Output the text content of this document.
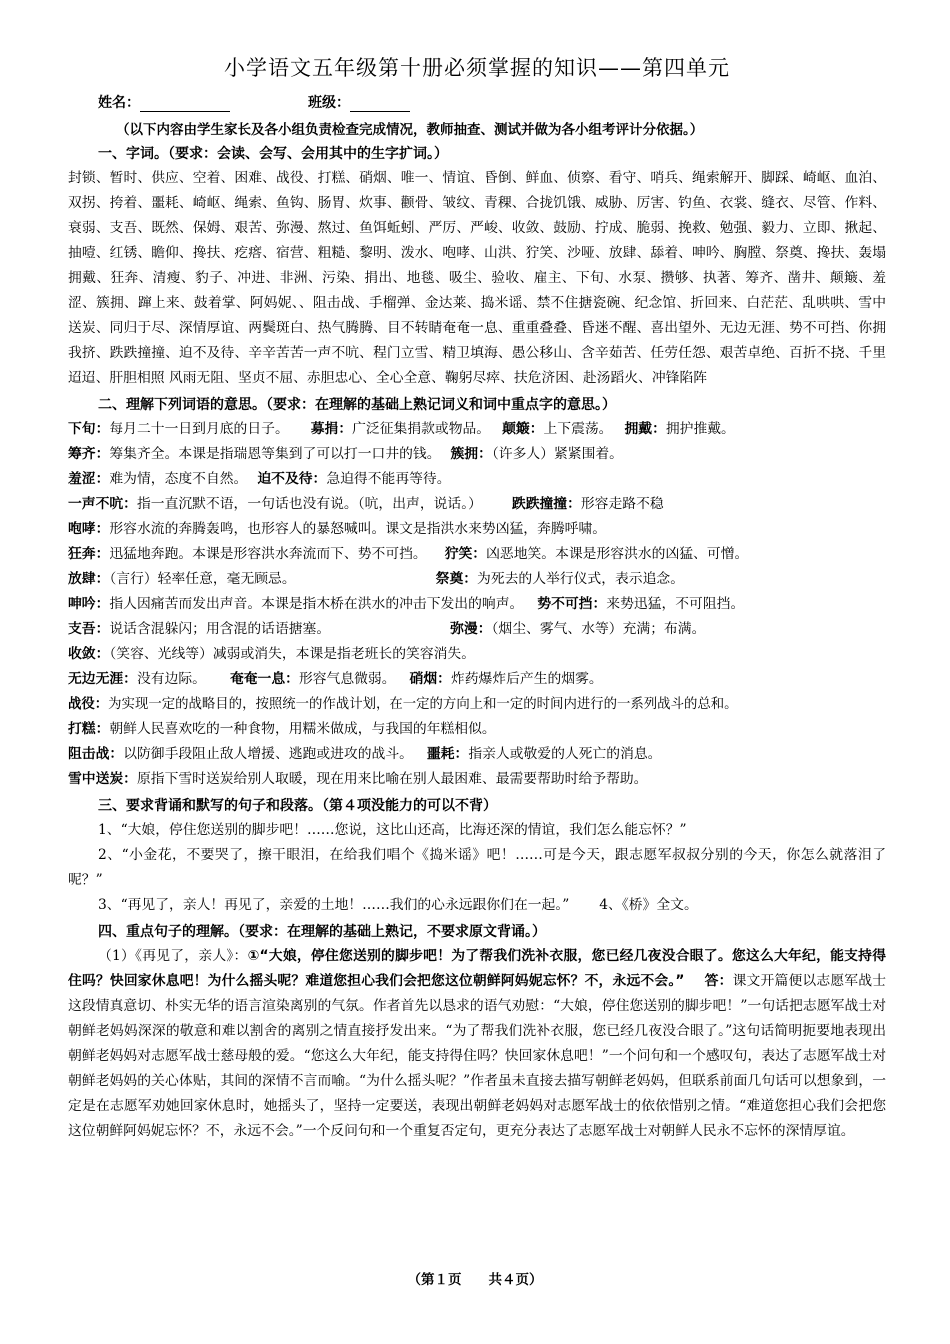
小学语文五年级第十册必须掌握的知识——第四单元
姓名：	班级：
（以下内容由学生家长及各小组负责检查完成情况，教师抽查、测试并做为各小组考评计分依据。）
一、字词。（要求：会读、会写、会用其中的生字扩词。）

封锁、暂时、供应、空着、困难、战役、打糕、硝烟、唯一、情谊、昏倒、鲜血、侦察、看守、哨兵、绳索解开、脚踩、崎岖、血泊、双拐、挎着、噩耗、崎岖、绳索、鱼钩、肠胃、炊事、颧骨、皱纹、青稞、合拢饥饿、威胁、厉害、钓鱼、衣裳、缝衣、尽管、作料、衰弱、支吾、既然、保姆、艰苦、弥漫、熬过、鱼饵蚯蚓、严厉、严峻、收敛、鼓励、拧成、脆弱、挽救、勉强、毅力、立即、揪起、抽噎、红锈、瞻仰、搀扶、疙瘩、宿营、粗糙、黎明、泼水、咆哮、山洪、狞笑、沙哑、放肆、舔着、呻吟、胸膛、祭奠、搀扶、轰塌拥戴、狂奔、清瘦、豹子、冲进、非洲、污染、捐出、地毯、吸尘、验收、雇主、下旬、水泵、攒够、执著、筹齐、凿井、颠簸、羞涩、簇拥、蹿上来、鼓着掌、阿妈妮、、阻击战、手榴弹、金达莱、捣米谣、禁不住搪瓷碗、纪念馆、折回来、白茫茫、乱哄哄、雪中送炭、同归于尽、深情厚谊、两鬓斑白、热气腾腾、目不转睛奄奄一息、重重叠叠、昏迷不醒、喜出望外、无边无涯、势不可挡、你拥我挤、跌跌撞撞、迫不及待、辛辛苦苦一声不吭、程门立雪、精卫填海、愚公移山、含辛茹苦、任劳任怨、艰苦卓绝、百折不挠、千里迢迢、肝胆相照 风雨无阻、坚贞不屈、赤胆忠心、全心全意、鞠躬尽瘁、扶危济困、赴汤蹈火、冲锋陷阵

二、理解下列词语的意思。（要求：在理解的基础上熟记词义和词中重点字的意思。）

下旬：每月二十一日到月底的日子。 募捐：广泛征集捐款或物品。 颠簸：上下震荡。 拥戴：拥护推戴。

筹齐：筹集齐全。本课是指瑞恩等集到了可以打一口井的钱。 簇拥：（许多人）紧紧围着。

羞涩：难为情，态度不自然。 迫不及待：急迫得不能再等待。

一声不吭：指一直沉默不语，一句话也没有说。（吭，出声，说话。） 跌跌撞撞：形容走路不稳

咆哮：形容水流的奔腾轰鸣，也形容人的暴怒喊叫。课文是指洪水来势凶猛，奔腾呼啸。

狂奔：迅猛地奔跑。本课是形容洪水奔流而下、势不可挡。 狞笑：凶恶地笑。本课是形容洪水的凶猛、可憎。

放肆：（言行）轻率任意，毫无顾忌。	祭奠：为死去的人举行仪式，表示追念。

呻吟：指人因痛苦而发出声音。本课是指木桥在洪水的冲击下发出的响声。 势不可挡：来势迅猛，不可阻挡。

支吾：说话含混躲闪；用含混的话语搪塞。	弥漫：（烟尘、雾气、水等）充满；布满。

收敛：（笑容、光线等）减弱或消失，本课是指老班长的笑容消失。

无边无涯：没有边际。 奄奄一息：形容气息微弱。 硝烟：炸药爆炸后产生的烟雾。

战役：为实现一定的战略目的，按照统一的作战计划，在一定的方向上和一定的时间内进行的一系列战斗的总和。

打糕：朝鲜人民喜欢吃的一种食物，用糯米做成，与我国的年糕相似。

阻击战：以防御手段阻止敌人增援、逃跑或进攻的战斗。 噩耗：指亲人或敬爱的人死亡的消息。

雪中送炭：原指下雪时送炭给别人取暖，现在用来比喻在别人最困难、最需要帮助时给予帮助。

三、要求背诵和默写的句子和段落。（第４项没能力的可以不背）

1、“大娘，停住您送别的脚步吧！……您说，这比山还高，比海还深的情谊，我们怎么能忘怀？”

2、“小金花，不要哭了，擦干眼泪，在给我们唱个《捣米谣》吧！……可是今天，跟志愿军叔叔分别的今天，你怎么就落泪了呢？”

3、“再见了，亲人！再见了，亲爱的土地！……我们的心永远跟你们在一起。” 4、《桥》全文。

四、重点句子的理解。（要求：在理解的基础上熟记，不要求原文背诵。）

（1）《再见了，亲人》：①“大娘，停住您送别的脚步吧！为了帮我们洗补衣服，您已经几夜没合眼了。您这么大年纪，能支持得住吗？快回家休息吧！为什么摇头呢？难道您担心我们会把您这位朝鲜阿妈妮忘怀？不，永远不会。” 答：课文开篇便以志愿军战士这段情真意切、朴实无华的语言渲染离别的气氛。作者首先以恳求的语气劝慰：“大娘，停住您送别的脚步吧！”一句话把志愿军战士对朝鲜老妈妈深深的敬意和难以割舍的离别之情直接抒发出来。“为了帮我们洗补衣服，您已经几夜没合眼了。”这句话简明扼要地表现出朝鲜老妈妈对志愿军战士慈母般的爱。“您这么大年纪，能支持得住吗？快回家休息吧！”一个问句和一个感叹句，表达了志愿军战士对朝鲜老妈妈的关心体贴，其间的深情不言而喻。“为什么摇头呢？”作者虽未直接去描写朝鲜老妈妈，但联系前面几句话可以想象到，一定是在志愿军劝她回家休息时，她摇头了，坚持一定要送，表现出朝鲜老妈妈对志愿军战士的依依惜别之情。“难道您担心我们会把您这位朝鲜阿妈妮忘怀？不，永远不会。”一个反问句和一个重复否定句，更充分表达了志愿军战士对朝鲜人民永不忘怀的深情厚谊。

（第１页　　共４页）
